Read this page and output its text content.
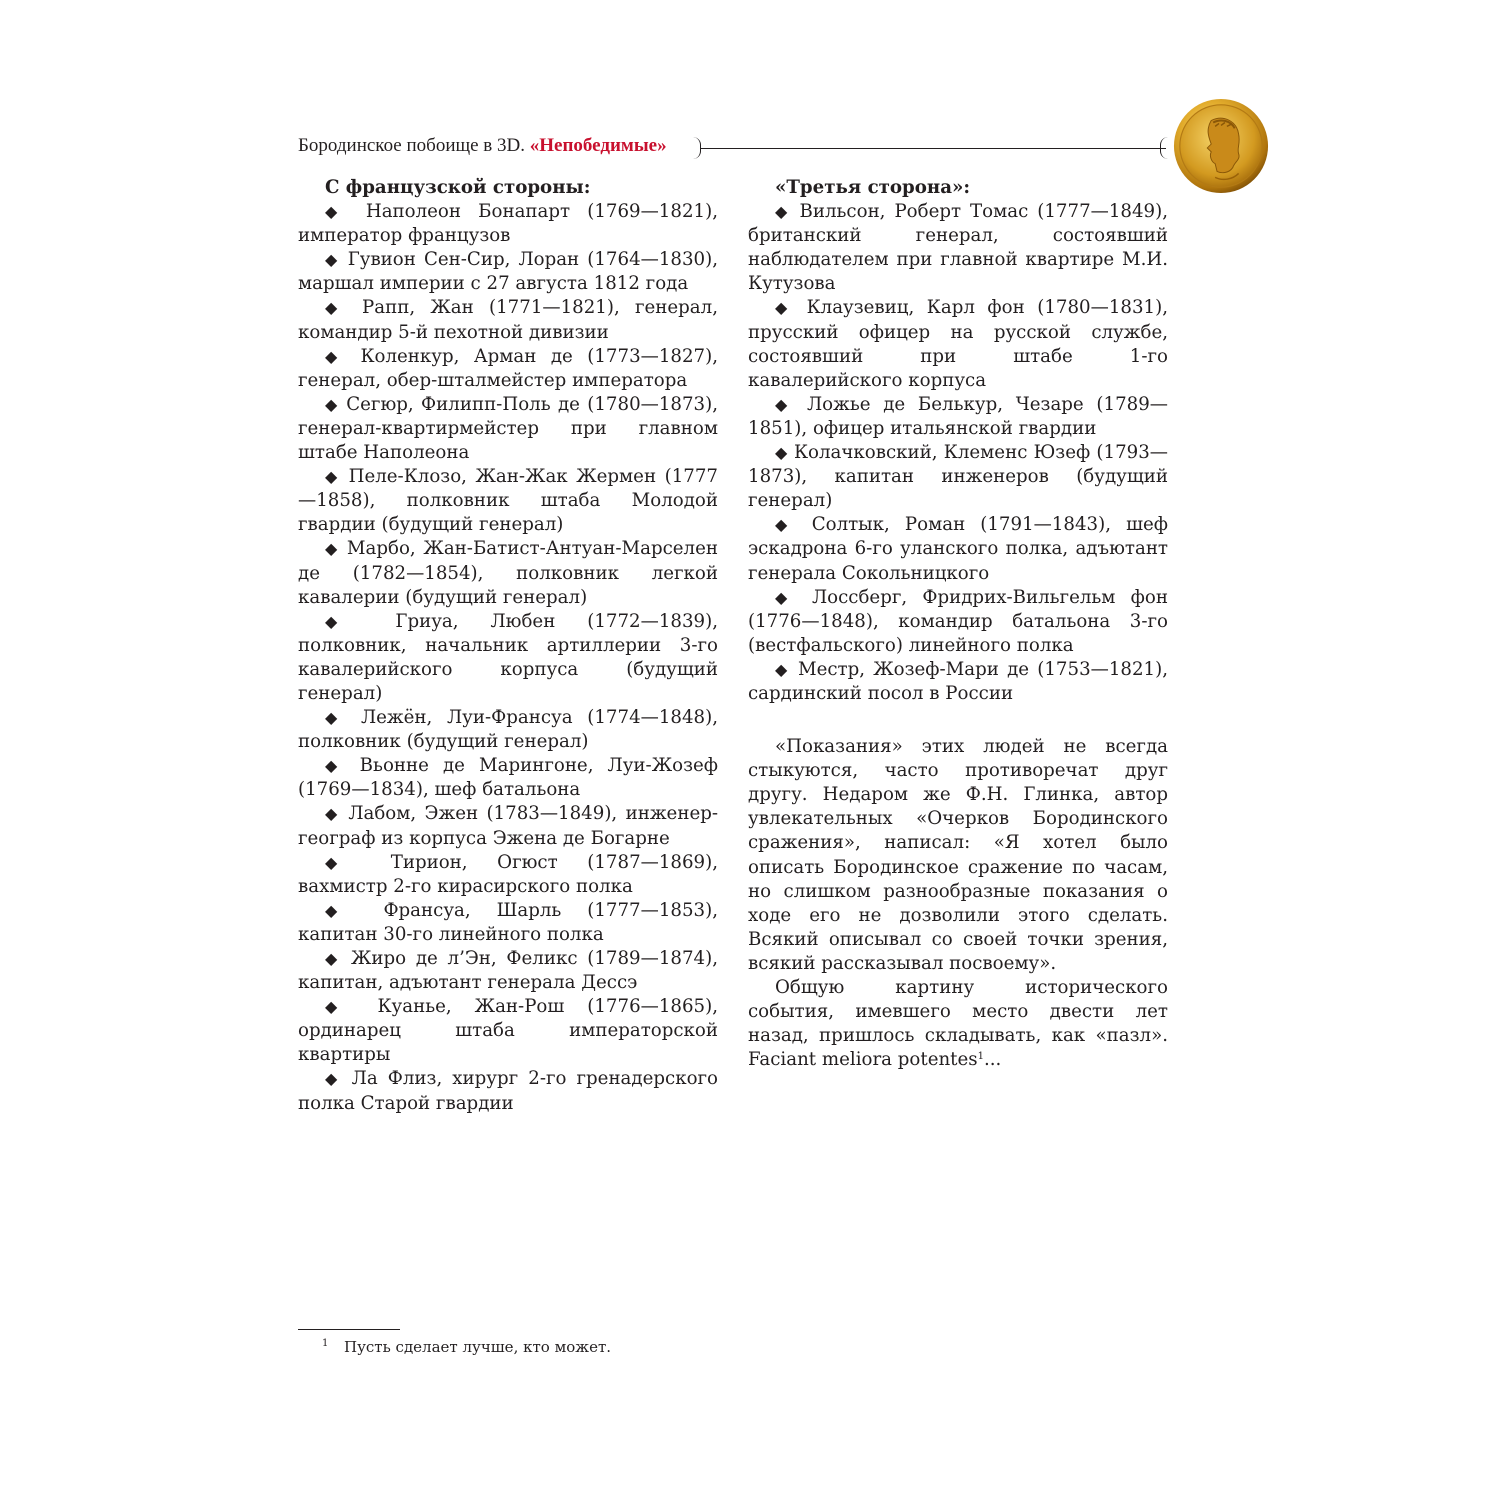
Бородинское побоище в 3D. «Непобедимые»

С французской стороны:

◆ Наполеон Бонапарт (1769—1821), император французов

◆ Гувион Сен-Сир, Лоран (1764—1830), маршал империи с 27 августа 1812 года

◆ Рапп, Жан (1771—1821), генерал, командир 5-й пехотной дивизии

◆ Коленкур, Арман де (1773—1827), генерал, обер-шталмейстер императора

◆ Сегюр, Филипп-Поль де (1780—1873), генерал-квартирмейстер при главном штабе Наполеона

◆ Пеле-Клозо, Жан-Жак Жермен (1777—1858), полковник штаба Молодой гвардии (будущий генерал)

◆ Марбо, Жан-Батист-Антуан-Марселен де (1782—1854), полковник легкой кавалерии (будущий генерал)

◆ Гриуа, Любен (1772—1839), полковник, начальник артиллерии 3-го кавалерийского корпуса (будущий генерал)

◆ Лежён, Луи-Франсуа (1774—1848), полковник (будущий генерал)

◆ Вьонне де Марингоне, Луи-Жозеф (1769—1834), шеф батальона

◆ Лабом, Эжен (1783—1849), инженер-географ из корпуса Эжена де Богарне

◆ Тирион, Огюст (1787—1869), вахмистр 2-го кирасирского полка

◆ Франсуа, Шарль (1777—1853), капитан 30-го линейного полка

◆ Жиро де л’Эн, Феликс (1789—1874), капитан, адъютант генерала Дессэ

◆ Куанье, Жан-Рош (1776—1865), ординарец штаба императорской квартиры

◆ Ла Флиз, хирург 2-го гренадерского полка Старой гвардии

«Третья сторона»:

◆ Вильсон, Роберт Томас (1777—1849), британский генерал, состоявший наблюдателем при главной квартире М.И. Кутузова

◆ Клаузевиц, Карл фон (1780—1831), прусский офицер на русской службе, состоявший при штабе 1-го кавалерийского корпуса

◆ Ложье де Белькур, Чезаре (1789—1851), офицер итальянской гвардии

◆ Колачковский, Клеменс Юзеф (1793—1873), капитан инженеров (будущий генерал)

◆ Солтык, Роман (1791—1843), шеф эскадрона 6-го уланского полка, адъютант генерала Сокольницкого

◆ Лоссберг, Фридрих-Вильгельм фон (1776—1848), командир батальона 3-го (вестфальского) линейного полка

◆ Местр, Жозеф-Мари де (1753—1821), сардинский посол в России

«Показания» этих людей не всегда стыкуются, часто противоречат друг другу. Недаром же Ф.Н. Глинка, автор увлекательных «Очерков Бородинского сражения», написал: «Я хотел было описать Бородинское сражение по часам, но слишком разнообразные показания о ходе его не дозволили этого сделать. Всякий описывал со своей точки зрения, всякий рассказывал посвоему».

Общую картину исторического события, имевшего место двести лет назад, пришлось складывать, как «пазл». Faciant meliora potentes$^1$...

$^1$ Пусть сделает лучше, кто может.
